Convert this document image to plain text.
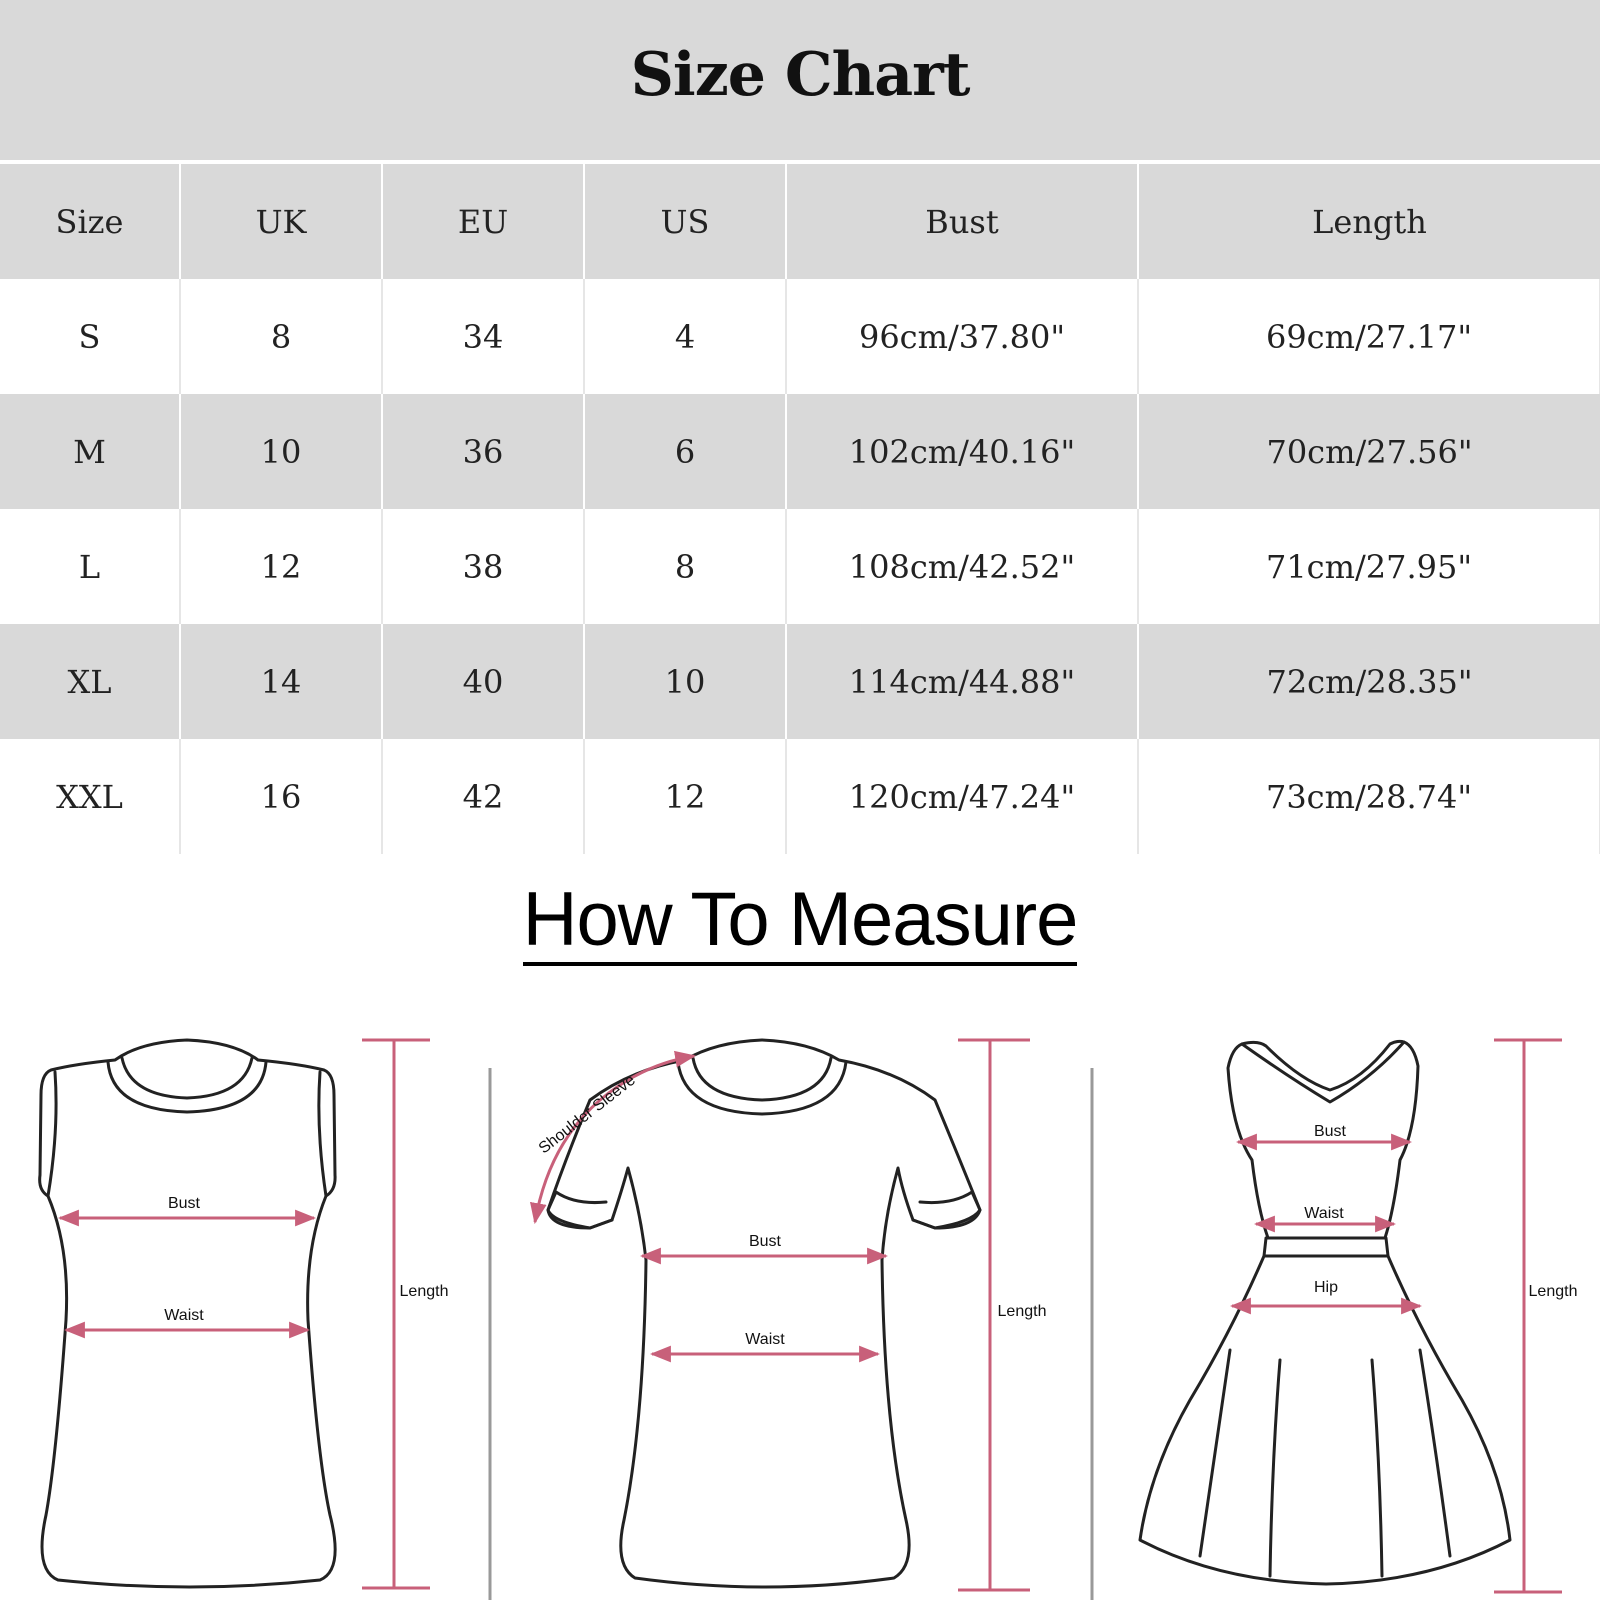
Size Chart
Size	UK	EU	US	Bust	Length
S	8	34	4	96cm/37.80"	69cm/27.17"
M	10	36	6	102cm/40.16"	70cm/27.56"
L	12	38	8	108cm/42.52"	71cm/27.95"
XL	14	40	10	114cm/44.88"	72cm/28.35"
XXL	16	42	12	120cm/47.24"	73cm/28.74"
How To Measure
Bust
Waist
Length
Bust
Waist
Length
Shoulder Sleeve	Bust
Waist
Hip	Length
